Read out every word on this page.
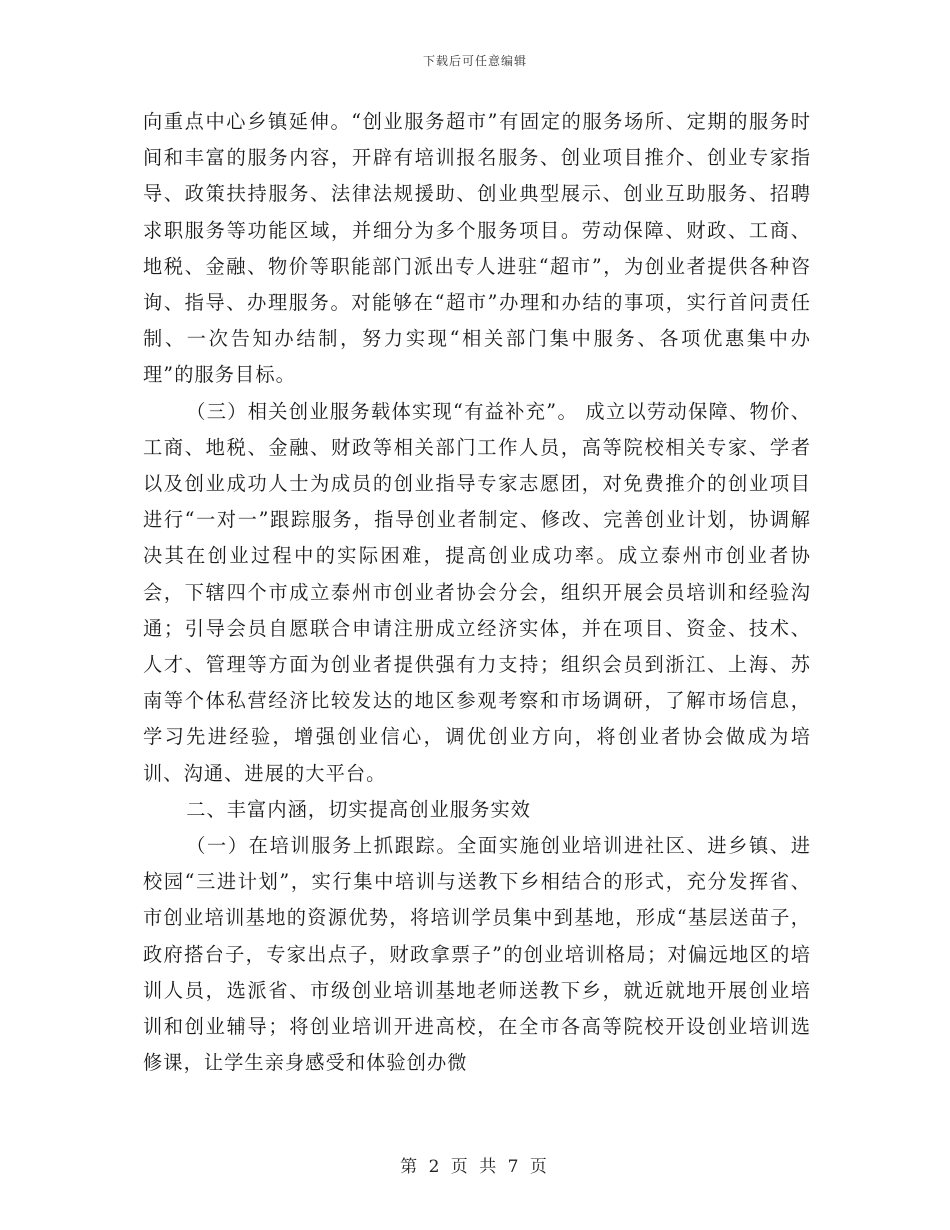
下载后可任意编辑

向重点中心乡镇延伸。“创业服务超市”有固定的服务场所、定期的服务时间和丰富的服务内容，开辟有培训报名服务、创业项目推介、创业专家指导、政策扶持服务、法律法规援助、创业典型展示、创业互助服务、招聘求职服务等功能区域，并细分为多个服务项目。劳动保障、财政、工商、地税、金融、物价等职能部门派出专人进驻“超市”，为创业者提供各种咨询、指导、办理服务。对能够在“超市”办理和办结的事项，实行首问责任制、一次告知办结制，努力实现“相关部门集中服务、各项优惠集中办理”的服务目标。

（三）相关创业服务载体实现“有益补充”。 成立以劳动保障、物价、工商、地税、金融、财政等相关部门工作人员，高等院校相关专家、学者以及创业成功人士为成员的创业指导专家志愿团，对免费推介的创业项目进行“一对一”跟踪服务，指导创业者制定、修改、完善创业计划，协调解决其在创业过程中的实际困难，提高创业成功率。成立泰州市创业者协会，下辖四个市成立泰州市创业者协会分会，组织开展会员培训和经验沟通；引导会员自愿联合申请注册成立经济实体，并在项目、资金、技术、人才、管理等方面为创业者提供强有力支持；组织会员到浙江、上海、苏南等个体私营经济比较发达的地区参观考察和市场调研，了解市场信息，学习先进经验，增强创业信心，调优创业方向，将创业者协会做成为培训、沟通、进展的大平台。

二、丰富内涵，切实提高创业服务实效

（一）在培训服务上抓跟踪。全面实施创业培训进社区、进乡镇、进校园“三进计划”，实行集中培训与送教下乡相结合的形式，充分发挥省、市创业培训基地的资源优势，将培训学员集中到基地，形成“基层送苗子，政府搭台子，专家出点子，财政拿票子”的创业培训格局；对偏远地区的培训人员，选派省、市级创业培训基地老师送教下乡，就近就地开展创业培训和创业辅导；将创业培训开进高校，在全市各高等院校开设创业培训选修课，让学生亲身感受和体验创办微

第 2 页 共 7 页
